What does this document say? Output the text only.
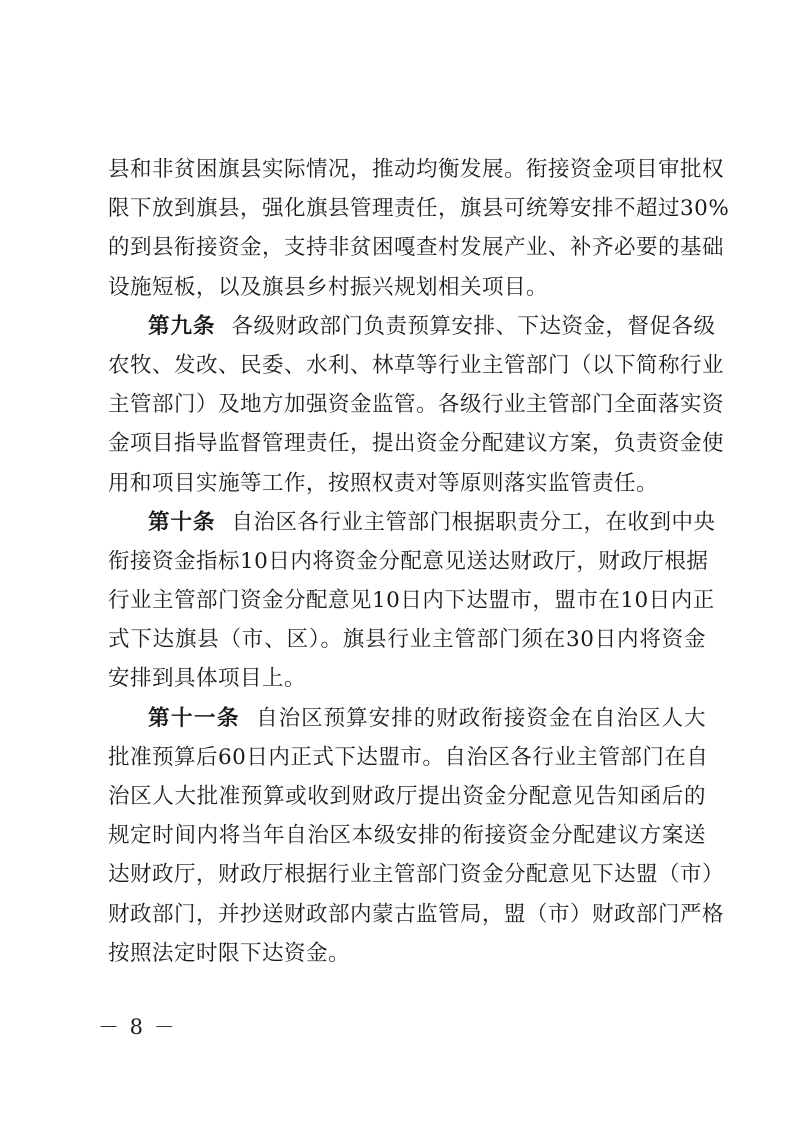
县和非贫困旗县实际情况，推动均衡发展。衔接资金项目审批权
限下放到旗县，强化旗县管理责任，旗县可统筹安排不超过30%
的到县衔接资金，支持非贫困嘎查村发展产业、补齐必要的基础
设施短板，以及旗县乡村振兴规划相关项目。
第九条 各级财政部门负责预算安排、下达资金，督促各级
农牧、发改、民委、水利、林草等行业主管部门（以下简称行业
主管部门）及地方加强资金监管。各级行业主管部门全面落实资
金项目指导监督管理责任，提出资金分配建议方案，负责资金使
用和项目实施等工作，按照权责对等原则落实监管责任。
第十条 自治区各行业主管部门根据职责分工，在收到中央
衔接资金指标10日内将资金分配意见送达财政厅，财政厅根据
行业主管部门资金分配意见10日内下达盟市，盟市在10日内正
式下达旗县（市、区）。旗县行业主管部门须在30日内将资金
安排到具体项目上。
第十一条 自治区预算安排的财政衔接资金在自治区人大
批准预算后60日内正式下达盟市。自治区各行业主管部门在自
治区人大批准预算或收到财政厅提出资金分配意见告知函后的
规定时间内将当年自治区本级安排的衔接资金分配建议方案送
达财政厅，财政厅根据行业主管部门资金分配意见下达盟（市）
财政部门，并抄送财政部内蒙古监管局，盟（市）财政部门严格
按照法定时限下达资金。
－ 8 －
